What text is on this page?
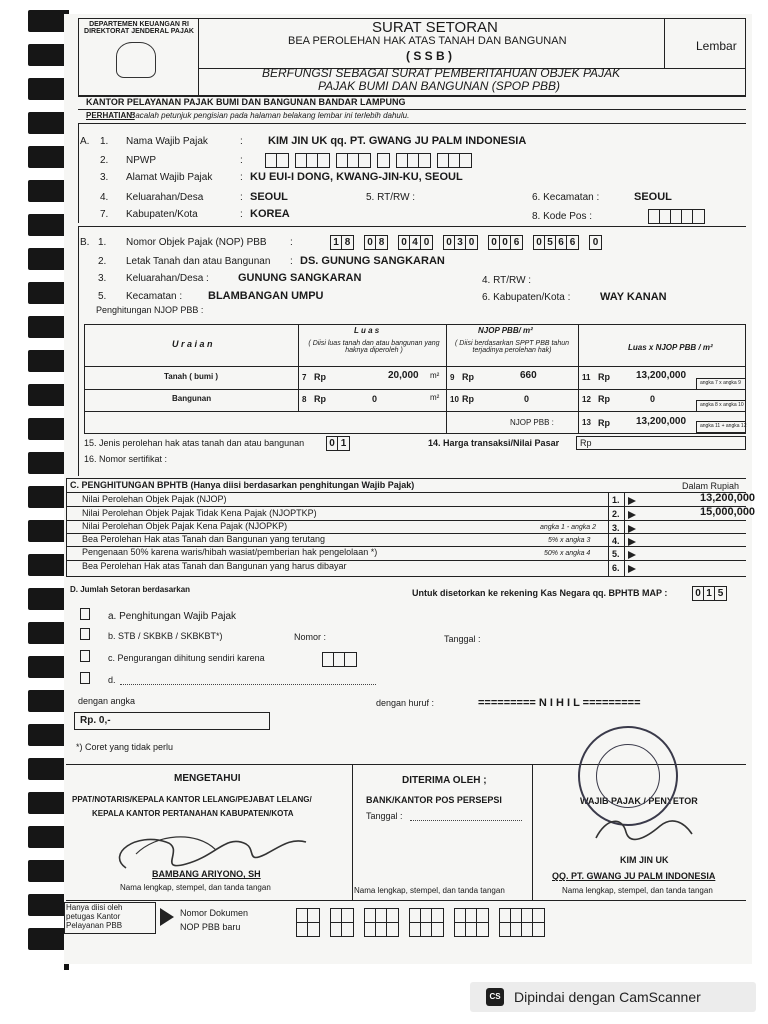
DEPARTEMEN KEUANGAN RI DIREKTORAT JENDERAL PAJAK	SURAT SETORAN
BEA PEROLEHAN HAK ATAS TANAH DAN BANGUNAN
( S S B )
Lembar
BERFUNGSI SEBAGAI SURAT PEMBERITAHUAN OBJEK PAJAK
PAJAK BUMI DAN BANGUNAN (SPOP PBB)
KANTOR PELAYANAN PAJAK BUMI DAN BANGUNAN BANDAR LAMPUNG
PERHATIAN:
Bacalah petunjuk pengisian pada halaman belakang lembar ini terlebih dahulu.
A. 1. Nama Wajib Pajak	: KIM JIN UK qq. PT. GWANG JU PALM INDONESIA
2. NPWP	:
3. Alamat Wajib Pajak	: KU EUI-I DONG, KWANG-JIN-KU, SEOUL
4. Keluarahan/Desa	: SEOUL	5. RT/RW :	6. Kecamatan :	SEOUL
7. Kabupaten/Kota	: KOREA	8. Kode Pos :
B. 1. Nomor Objek Pajak (NOP) PBB :	1 8 0 8 0 4 0 0 3 0 0 0 6 0 5 6 6 0
2. Letak Tanah dan atau Bangunan : DS. GUNUNG SANGKARAN
3. Keluarahan/Desa :	GUNUNG SANGKARAN	4. RT/RW :
5. Kecamatan : BLAMBANGAN UMPU	6. Kabupaten/Kota :	WAY KANAN
Penghitungan NJOP PBB :
U r a i a n
L u a s
( Diisi luas tanah dan atau bangunan yang haknya diperoleh )
NJOP PBB/ m²
( Diisi berdasarkan SPPT PBB tahun terjadinya perolehan hak)	Luas x NJOP PBB / m²
Tanah ( bumi )	7 Rp	20,000 m² 9 Rp	660	11 Rp	13,200,000
angka 7 x angka 9
Bangunan	8 Rp	0	m² 10 Rp	0	12 Rp	0
angka 8 x angka 10
NJOP PBB :	13 Rp	13,200,000	angka 11 + angka 12
15. Jenis perolehan hak atas tanah dan atau bangunan	0 1	14. Harga transaksi/Nilai Pasar Rp
16. Nomor sertifikat :
C. PENGHITUNGAN BPHTB (Hanya diisi berdasarkan penghitungan Wajib Pajak)	Dalam Rupiah
Nilai Perolehan Objek Pajak (NJOP)	1.	13,200,000
Nilai Perolehan Objek Pajak Tidak Kena Pajak (NJOPTKP)	2.	15,000,000
Nilai Perolehan Objek Pajak Kena Pajak (NJOPKP)	angka 1 - angka 2 3.
Bea Perolehan Hak atas Tanah dan Bangunan yang terutang	5% x angka 3 4.
Pengenaan 50% karena waris/hibah wasiat/pemberian hak pengelolaan *)	50% x angka 4 5.
Bea Perolehan Hak atas Tanah dan Bangunan yang harus dibayar	6.
D. Jumlah Setoran berdasarkan	Untuk disetorkan ke rekening Kas Negara qq. BPHTB MAP :	0 1 5
a. Penghitungan Wajib Pajak
b. STB / SKBKB / SKBKBT*)	Nomor :	Tanggal :
c. Pengurangan dihitung sendiri karena
d.
dengan angka	dengan huruf :	========= N I H I L =========
Rp. 0,-
*) Coret yang tidak perlu
MENGETAHUI
PPAT/NOTARIS/KEPALA KANTOR LELANG/PEJABAT LELANG/
KEPALA KANTOR PERTANAHAN KABUPATEN/KOTA
BAMBANG ARIYONO, SH
Nama lengkap, stempel, dan tanda tangan
DITERIMA OLEH ;
BANK/KANTOR POS PERSEPSI
Tanggal :
Nama lengkap, stempel, dan tanda tangan
WAJIB PAJAK / PENYETOR
KIM JIN UK
QQ. PT. GWANG JU PALM INDONESIA
Nama lengkap, stempel, dan tanda tangan
Hanya diisi oleh petugas Kantor Pelayanan PBB
Nomor Dokumen
NOP PBB baru
CS Dipindai dengan CamScanner
